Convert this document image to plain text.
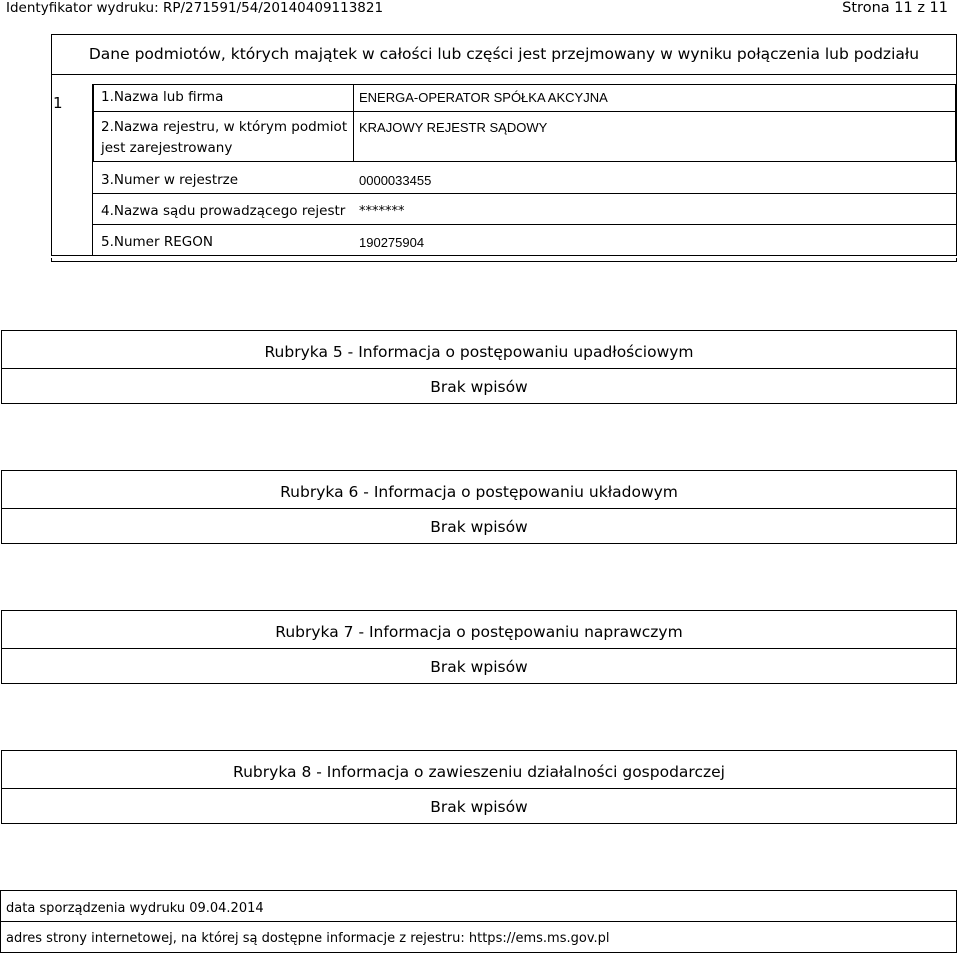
Identyfikator wydruku: RP/271591/54/20140409113821	Strona 11 z 11
Dane podmiotów, których majątek w całości lub części jest przejmowany w wyniku połączenia lub podziału
1	1.Nazwa lub firma	ENERGA-OPERATOR SPÓŁKA AKCYJNA
2.Nazwa rejestru, w którym podmiot
jest zarejestrowany
KRAJOWY REJESTR SĄDOWY
3.Numer w rejestrze	0000033455
4.Nazwa sądu prowadzącego rejestr *******
5.Numer REGON	190275904
Rubryka 5 - Informacja o postępowaniu upadłościowym
Brak wpisów
Rubryka 6 - Informacja o postępowaniu układowym
Brak wpisów
Rubryka 7 - Informacja o postępowaniu naprawczym
Brak wpisów
Rubryka 8 - Informacja o zawieszeniu działalności gospodarczej
Brak wpisów
data sporządzenia wydruku 09.04.2014
adres strony internetowej, na której są dostępne informacje z rejestru: https://ems.ms.gov.pl
